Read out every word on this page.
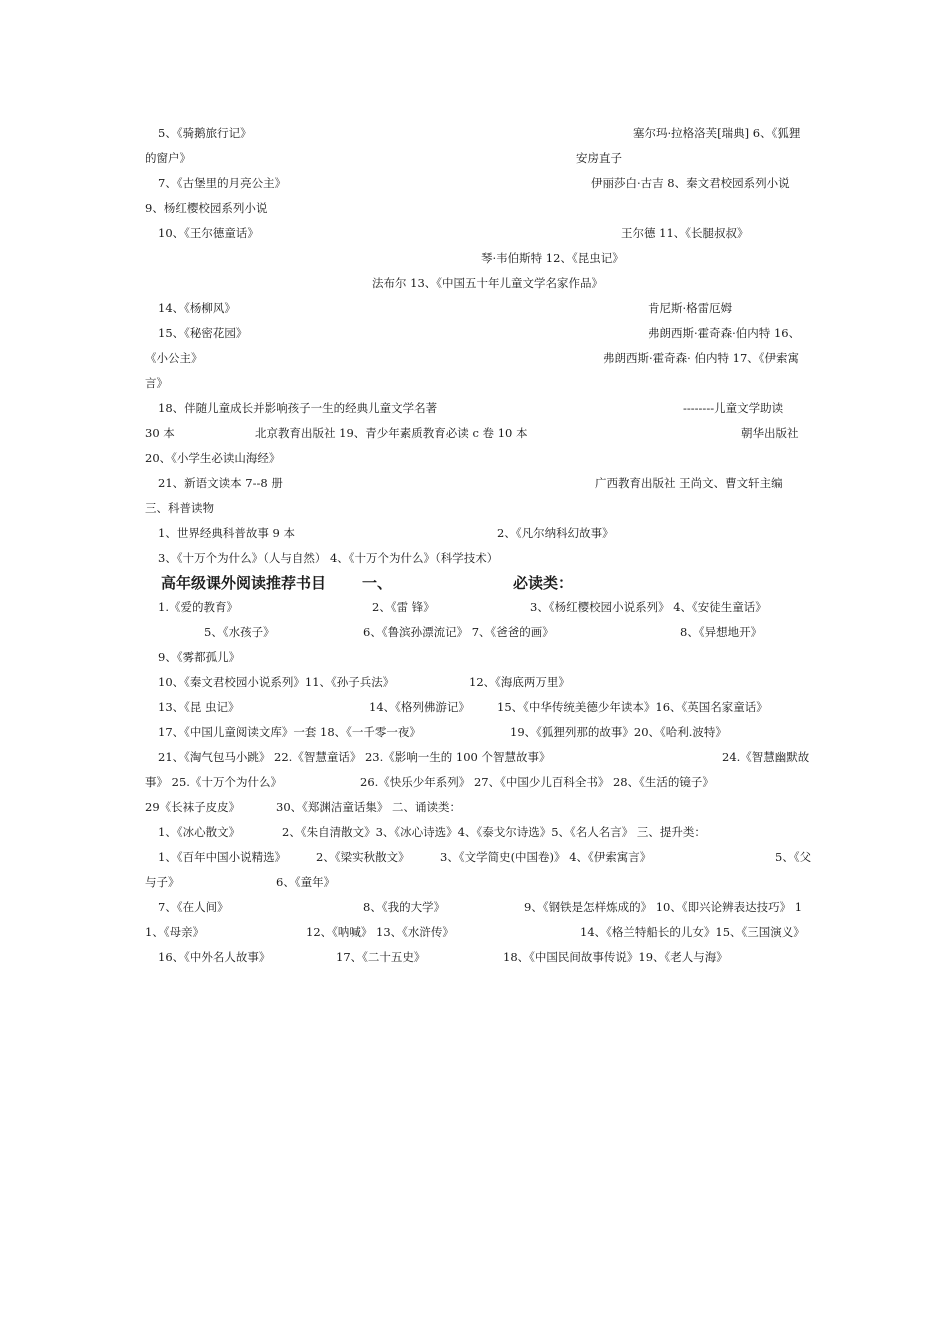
5、《骑鹅旅行记》	塞尔玛·拉格洛芙[瑞典] 6、《狐狸
的窗户》	安房直子
7、《古堡里的月亮公主》	伊丽莎白·古吉 8、秦文君校园系列小说
9、杨红樱校园系列小说
10、《王尔德童话》	王尔德 11、《长腿叔叔》
琴·韦伯斯特 12、《昆虫记》
法布尔 13、《中国五十年儿童文学名家作品》
14、《杨柳风》	肯尼斯·格雷厄姆
15、《秘密花园》	弗朗西斯·霍奇森·伯内特 16、
《小公主》	弗朗西斯·霍奇森· 伯内特 17、《伊索寓
言》
18、伴随儿童成长并影响孩子一生的经典儿童文学名著	--------儿童文学助读
30 本	北京教育出版社 19、青少年素质教育必读 c 卷 10 本	朝华出版社
20、《小学生必读山海经》
21、新语文读本 7--8 册	广西教育出版社 王尚文、曹文轩主编
三、科普读物
1、世界经典科普故事 9 本	2、《凡尔纳科幻故事》
3、《十万个为什么》（人与自然） 4、《十万个为什么》（科学技术）
1.《爱的教育》	2、《雷 锋》	3、《杨红樱校园小说系列》 4、《安徒生童话》
5、《水孩子》	6、《鲁滨孙漂流记》 7、《爸爸的画》	8、《异想地开》
9、《雾都孤儿》
10、《秦文君校园小说系列》11、《孙子兵法》	12、《海底两万里》
13、《昆 虫记》	14、《格列佛游记》 15、《中华传统美德少年读本》16、《英国名家童话》
17、《中国儿童阅读文库》一套 18、《一千零一夜》	19、《狐狸列那的故事》20、《哈利.波特》
21、《淘气包马小跳》 22.《智慧童话》 23.《影响一生的 100 个智慧故事》	24.《智慧幽默故
事》 25.《十万个为什么》	26.《快乐少年系列》 27、《中国少儿百科全书》 28、《生活的镜子》
29《长袜子皮皮》	30、《郑渊洁童话集》 二、诵读类：
1、《冰心散文》	2、《朱自清散文》3、《冰心诗选》4、《泰戈尔诗选》5、《名人名言》 三、提升类：
1、《百年中国小说精选》	2、《梁实秋散文》	3、《文学简史(中国卷)》 4、《伊索寓言》	5、《父
与子》	6、《童年》
7、《在人间》	8、《我的大学》	9、《钢铁是怎样炼成的》 10、《即兴论辨表达技巧》 1
1、《母亲》	12、《呐喊》 13、《水浒传》	14、《格兰特船长的儿女》15、《三国演义》
16、《中外名人故事》	17、《二十五史》	18、《中国民间故事传说》19、《老人与海》
高年级课外阅读推荐书目 一、	必读类：
